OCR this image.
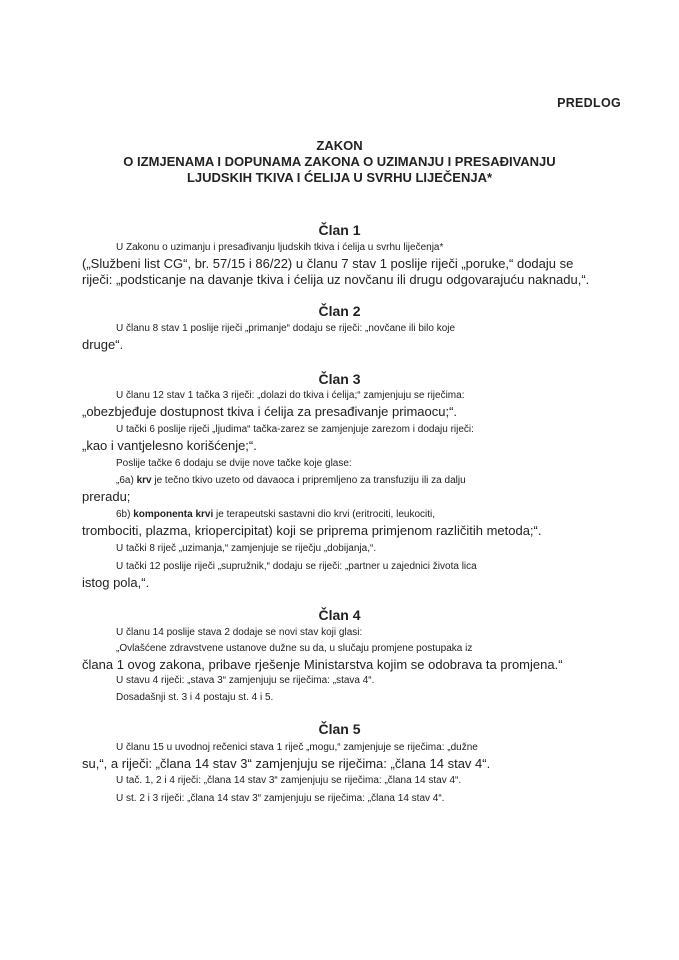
PREDLOG
ZAKON
O IZMJENAMA I DOPUNAMA ZAKONA O UZIMANJU I PRESAĐIVANJU
LJUDSKIH TKIVA I ĆELIJA U SVRHU LIJEČENJA*
Član 1
U Zakonu o uzimanju i presađivanju ljudskih tkiva i ćelija u svrhu liječenja*
(„Službeni list CG“, br. 57/15 i 86/22) u članu 7 stav 1 poslije riječi „poruke,“ dodaju se
riječi: „podsticanje na davanje tkiva i ćelija uz novčanu ili drugu odgovarajuću naknadu,“.
Član 2
U članu 8 stav 1 poslije riječi „primanje“ dodaju se riječi: „novčane ili bilo koje
druge“.
Član 3
U članu 12 stav 1 tačka 3 riječi: „dolazi do tkiva i ćelija;“ zamjenjuju se riječima:
„obezbjeđuje dostupnost tkiva i ćelija za presađivanje primaocu;“.
U tački 6 poslije riječi „ljudima“ tačka-zarez se zamjenjuje zarezom i dodaju riječi:
„kao i vantjelesno korišćenje;“.
Poslije tačke 6 dodaju se dvije nove tačke koje glase:
„6a) krv je tečno tkivo uzeto od davaoca i pripremljeno za transfuziju ili za dalju
preradu;
6b) komponenta krvi je terapeutski sastavni dio krvi (eritrociti, leukociti,
trombociti, plazma, kriopercipitat) koji se priprema primjenom različitih metoda;“.
U tački 8 riječ „uzimanja,“ zamjenjuje se riječju „dobijanja,“.
U tački 12 poslije riječi „supružnik,“ dodaju se riječi: „partner u zajednici života lica
istog pola,“.
Član 4
U članu 14 poslije stava 2 dodaje se novi stav koji glasi:
„Ovlašćene zdravstvene ustanove dužne su da, u slučaju promjene postupaka iz
člana 1 ovog zakona, pribave rješenje Ministarstva kojim se odobrava ta promjena.“
U stavu 4 riječi: „stava 3“ zamjenjuju se riječima: „stava 4“.
Dosadašnji st. 3 i 4 postaju st. 4 i 5.
Član 5
U članu 15 u uvodnoj rečenici stava 1 riječ „mogu,“ zamjenjuje se riječima: „dužne
su,“, a riječi: „člana 14 stav 3“ zamjenjuju se riječima: „člana 14 stav 4“.
U tač. 1, 2 i 4 riječi: „člana 14 stav 3“ zamjenjuju se riječima: „člana 14 stav 4“.
U st. 2 i 3 riječi: „člana 14 stav 3“ zamjenjuju se riječima: „člana 14 stav 4“.
